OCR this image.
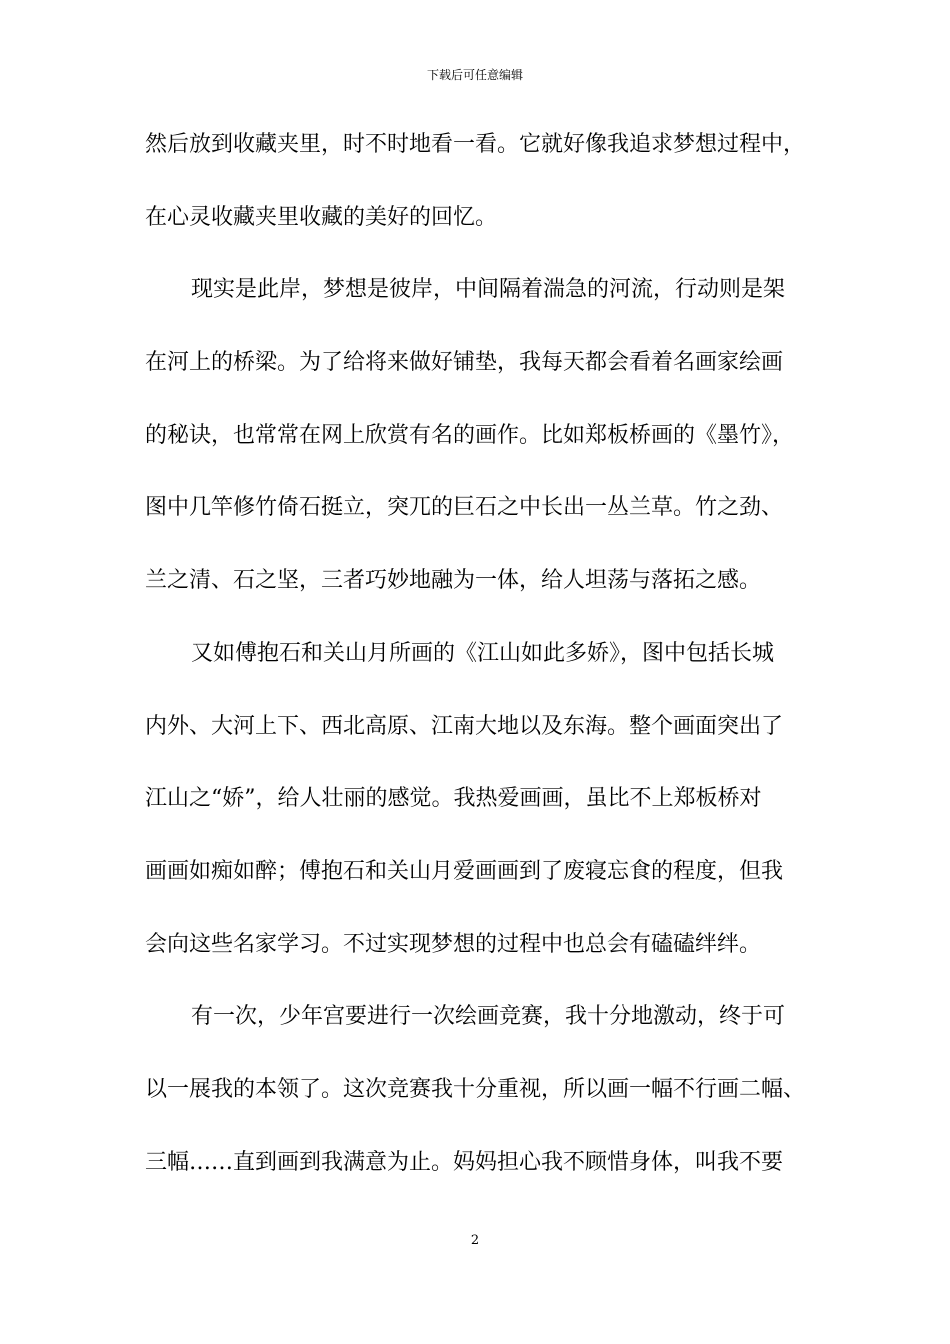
下载后可任意编辑
然后放到收藏夹里，时不时地看一看。它就好像我追求梦想过程中，
在心灵收藏夹里收藏的美好的回忆。
现实是此岸，梦想是彼岸，中间隔着湍急的河流，行动则是架
在河上的桥梁。为了给将来做好铺垫，我每天都会看着名画家绘画
的秘诀，也常常在网上欣赏有名的画作。比如郑板桥画的《墨竹》，
图中几竿修竹倚石挺立，突兀的巨石之中长出一丛兰草。竹之劲、
兰之清、石之坚，三者巧妙地融为一体，给人坦荡与落拓之感。
又如傅抱石和关山月所画的《江山如此多娇》，图中包括长城
内外、大河上下、西北高原、江南大地以及东海。整个画面突出了
江山之“娇”，给人壮丽的感觉。我热爱画画，虽比不上郑板桥对
画画如痴如醉；傅抱石和关山月爱画画到了废寝忘食的程度，但我
会向这些名家学习。不过实现梦想的过程中也总会有磕磕绊绊。
有一次，少年宫要进行一次绘画竞赛，我十分地激动，终于可
以一展我的本领了。这次竞赛我十分重视，所以画一幅不行画二幅、
三幅……直到画到我满意为止。妈妈担心我不顾惜身体，叫我不要
2
